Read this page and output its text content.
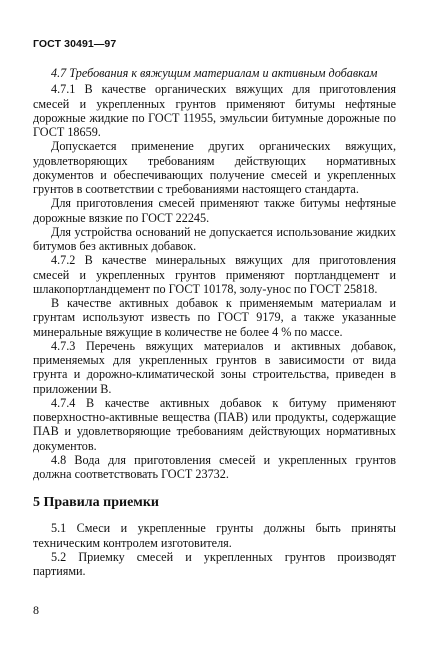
ГОСТ 30491—97

4.7 Требования к вяжущим материалам и активным добавкам

4.7.1 В качестве органических вяжущих для приготовления смесей и укрепленных грунтов применяют битумы нефтяные дорожные жидкие по ГОСТ 11955, эмульсии битумные дорожные по ГОСТ 18659.

Допускается применение других органических вяжущих, удовлетворяющих требованиям действующих нормативных документов и обеспечивающих получение смесей и укрепленных грунтов в соответствии с требованиями настоящего стандарта.

Для приготовления смесей применяют также битумы нефтяные дорожные вязкие по ГОСТ 22245.

Для устройства оснований не допускается использование жидких битумов без активных добавок.

4.7.2 В качестве минеральных вяжущих для приготовления смесей и укрепленных грунтов применяют портландцемент и шлакопортландцемент по ГОСТ 10178, золу-унос по ГОСТ 25818.

В качестве активных добавок к применяемым материалам и грунтам используют известь по ГОСТ 9179, а также указанные минеральные вяжущие в количестве не более 4 % по массе.

4.7.3 Перечень вяжущих материалов и активных добавок, применяемых для укрепленных грунтов в зависимости от вида грунта и дорожно-климатической зоны строительства, приведен в приложении В.

4.7.4 В качестве активных добавок к битуму применяют поверхностно-активные вещества (ПАВ) или продукты, содержащие ПАВ и удовлетворяющие требованиям действующих нормативных документов.

4.8 Вода для приготовления смесей и укрепленных грунтов должна соответствовать ГОСТ 23732.

5 Правила приемки

5.1 Смеси и укрепленные грунты должны быть приняты техническим контролем изготовителя.

5.2 Приемку смесей и укрепленных грунтов производят партиями.

8
